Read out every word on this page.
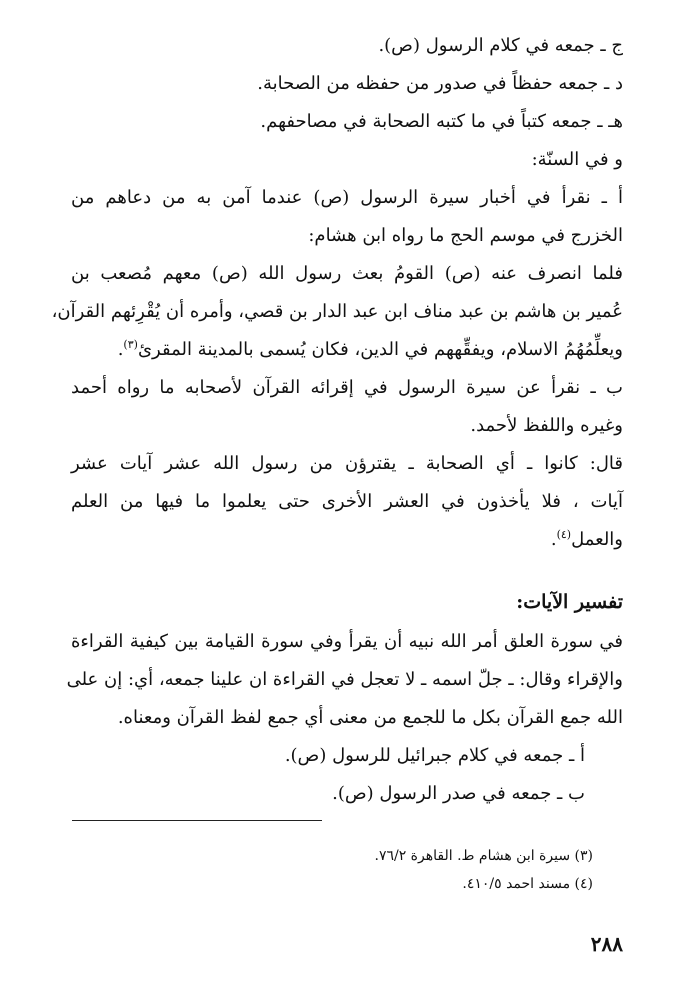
ج ـ جمعه في كلام الرسول (ص).
د ـ جمعه حفظاً في صدور من حفظه من الصحابة.
هـ ـ جمعه كتباً في ما كتبه الصحابة في مصاحفهم.
و في السنّة:
أ ـ نقرأ في أخبار سيرة الرسول (ص) عندما آمن به من دعاهم من
الخزرج في موسم الحج ما رواه ابن هشام:
فلما انصرف عنه (ص) القومُ بعث رسول الله (ص) معهم مُصعب بن
عُمير بن هاشم بن عبد مناف ابن عبد الدار بن قصي، وأمره أن يُقْرِئهم القرآن،
ويعلِّمُهُمُ الاسلام، ويفقِّههم في الدين، فكان يُسمى بالمدينة المقرئ$^{(٣)}$.
ب ـ نقرأ عن سيرة الرسول في إقرائه القرآن لأصحابه ما رواه أحمد
وغيره واللفظ لأحمد.
قال: كانوا ـ أي الصحابة ـ يقترؤن من رسول الله عشر آيات عشر
آيات ، فلا يأخذون في العشر الأخرى حتى يعلموا ما فيها من العلم
والعمل$^{(٤)}$.
تفسير الآيات:
في سورة العلق أمر الله نبيه أن يقرأ وفي سورة القيامة بين كيفية القراءة
والإقراء وقال: ـ جلّ اسمه ـ لا تعجل في القراءة ان علينا جمعه، أي: إن على
الله جمع القرآن بكل ما للجمع من معنى أي جمع لفظ القرآن ومعناه.
أ ـ جمعه في كلام جبرائيل للرسول (ص).
ب ـ جمعه في صدر الرسول (ص).
(٣) سيرة ابن هشام ط. القاهرة ٧٦/٢.
(٤) مسند احمد ٤١٠/٥.
٢٨٨
